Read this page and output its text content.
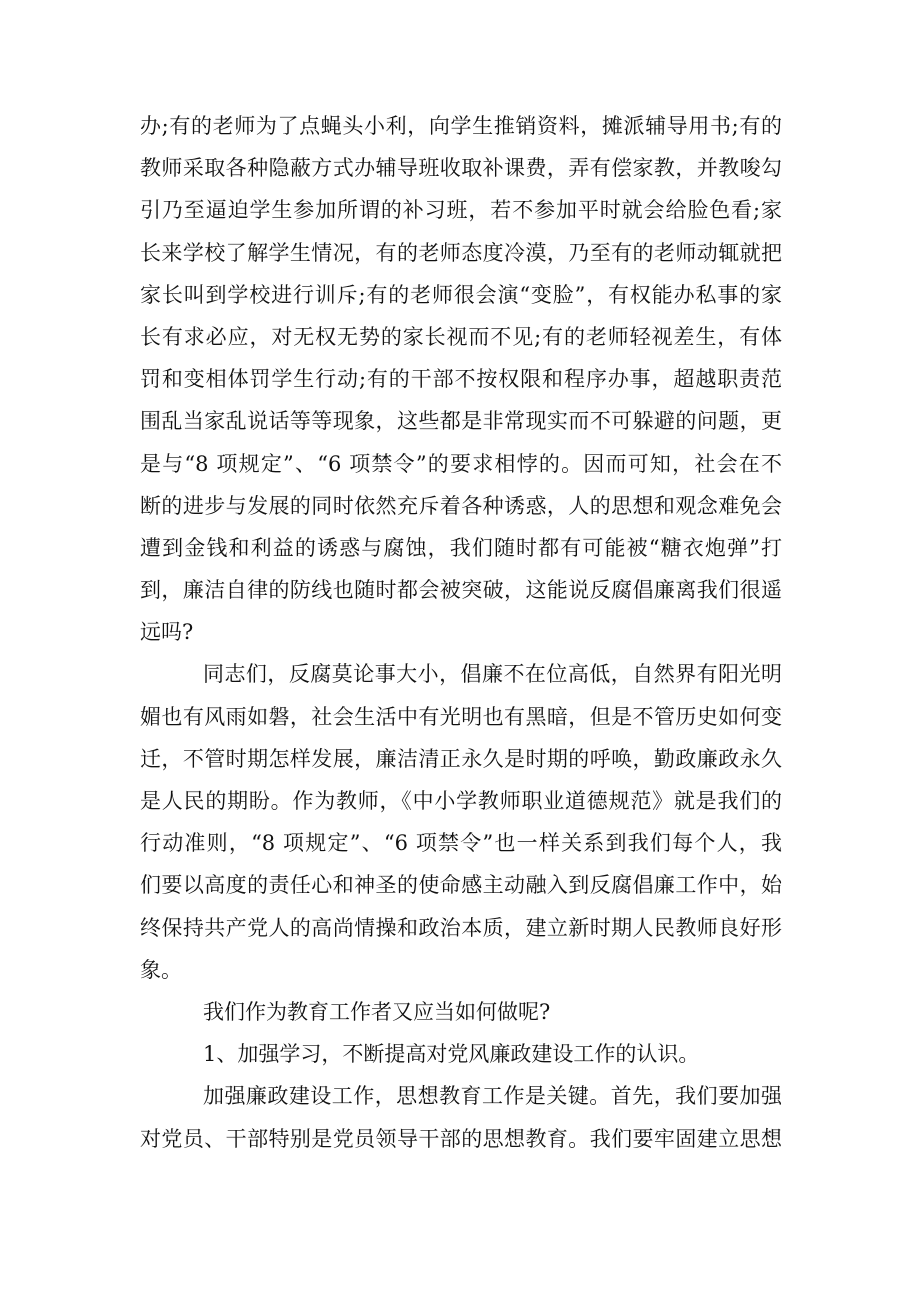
办;有的老师为了点蝇头小利，向学生推销资料，摊派辅导用书;有的
教师采取各种隐蔽方式办辅导班收取补课费，弄有偿家教，并教唆勾
引乃至逼迫学生参加所谓的补习班，若不参加平时就会给脸色看;家
长来学校了解学生情况，有的老师态度冷漠，乃至有的老师动辄就把
家长叫到学校进行训斥;有的老师很会演“变脸”，有权能办私事的家
长有求必应，对无权无势的家长视而不见;有的老师轻视差生，有体
罚和变相体罚学生行动;有的干部不按权限和程序办事，超越职责范
围乱当家乱说话等等现象，这些都是非常现实而不可躲避的问题，更
是与“8 项规定”、“6 项禁令”的要求相悖的。因而可知，社会在不
断的进步与发展的同时依然充斥着各种诱惑，人的思想和观念难免会
遭到金钱和利益的诱惑与腐蚀，我们随时都有可能被“糖衣炮弹”打
到，廉洁自律的防线也随时都会被突破，这能说反腐倡廉离我们很遥
远吗?
同志们，反腐莫论事大小，倡廉不在位高低，自然界有阳光明
媚也有风雨如磐，社会生活中有光明也有黑暗，但是不管历史如何变
迁，不管时期怎样发展，廉洁清正永久是时期的呼唤，勤政廉政永久
是人民的期盼。作为教师，《中小学教师职业道德规范》就是我们的
行动准则，“8 项规定”、“6 项禁令”也一样关系到我们每个人，我
们要以高度的责任心和神圣的使命感主动融入到反腐倡廉工作中，始
终保持共产党人的高尚情操和政治本质，建立新时期人民教师良好形
象。
我们作为教育工作者又应当如何做呢?
1、加强学习，不断提高对党风廉政建设工作的认识。
加强廉政建设工作，思想教育工作是关键。首先，我们要加强
对党员、干部特别是党员领导干部的思想教育。我们要牢固建立思想
